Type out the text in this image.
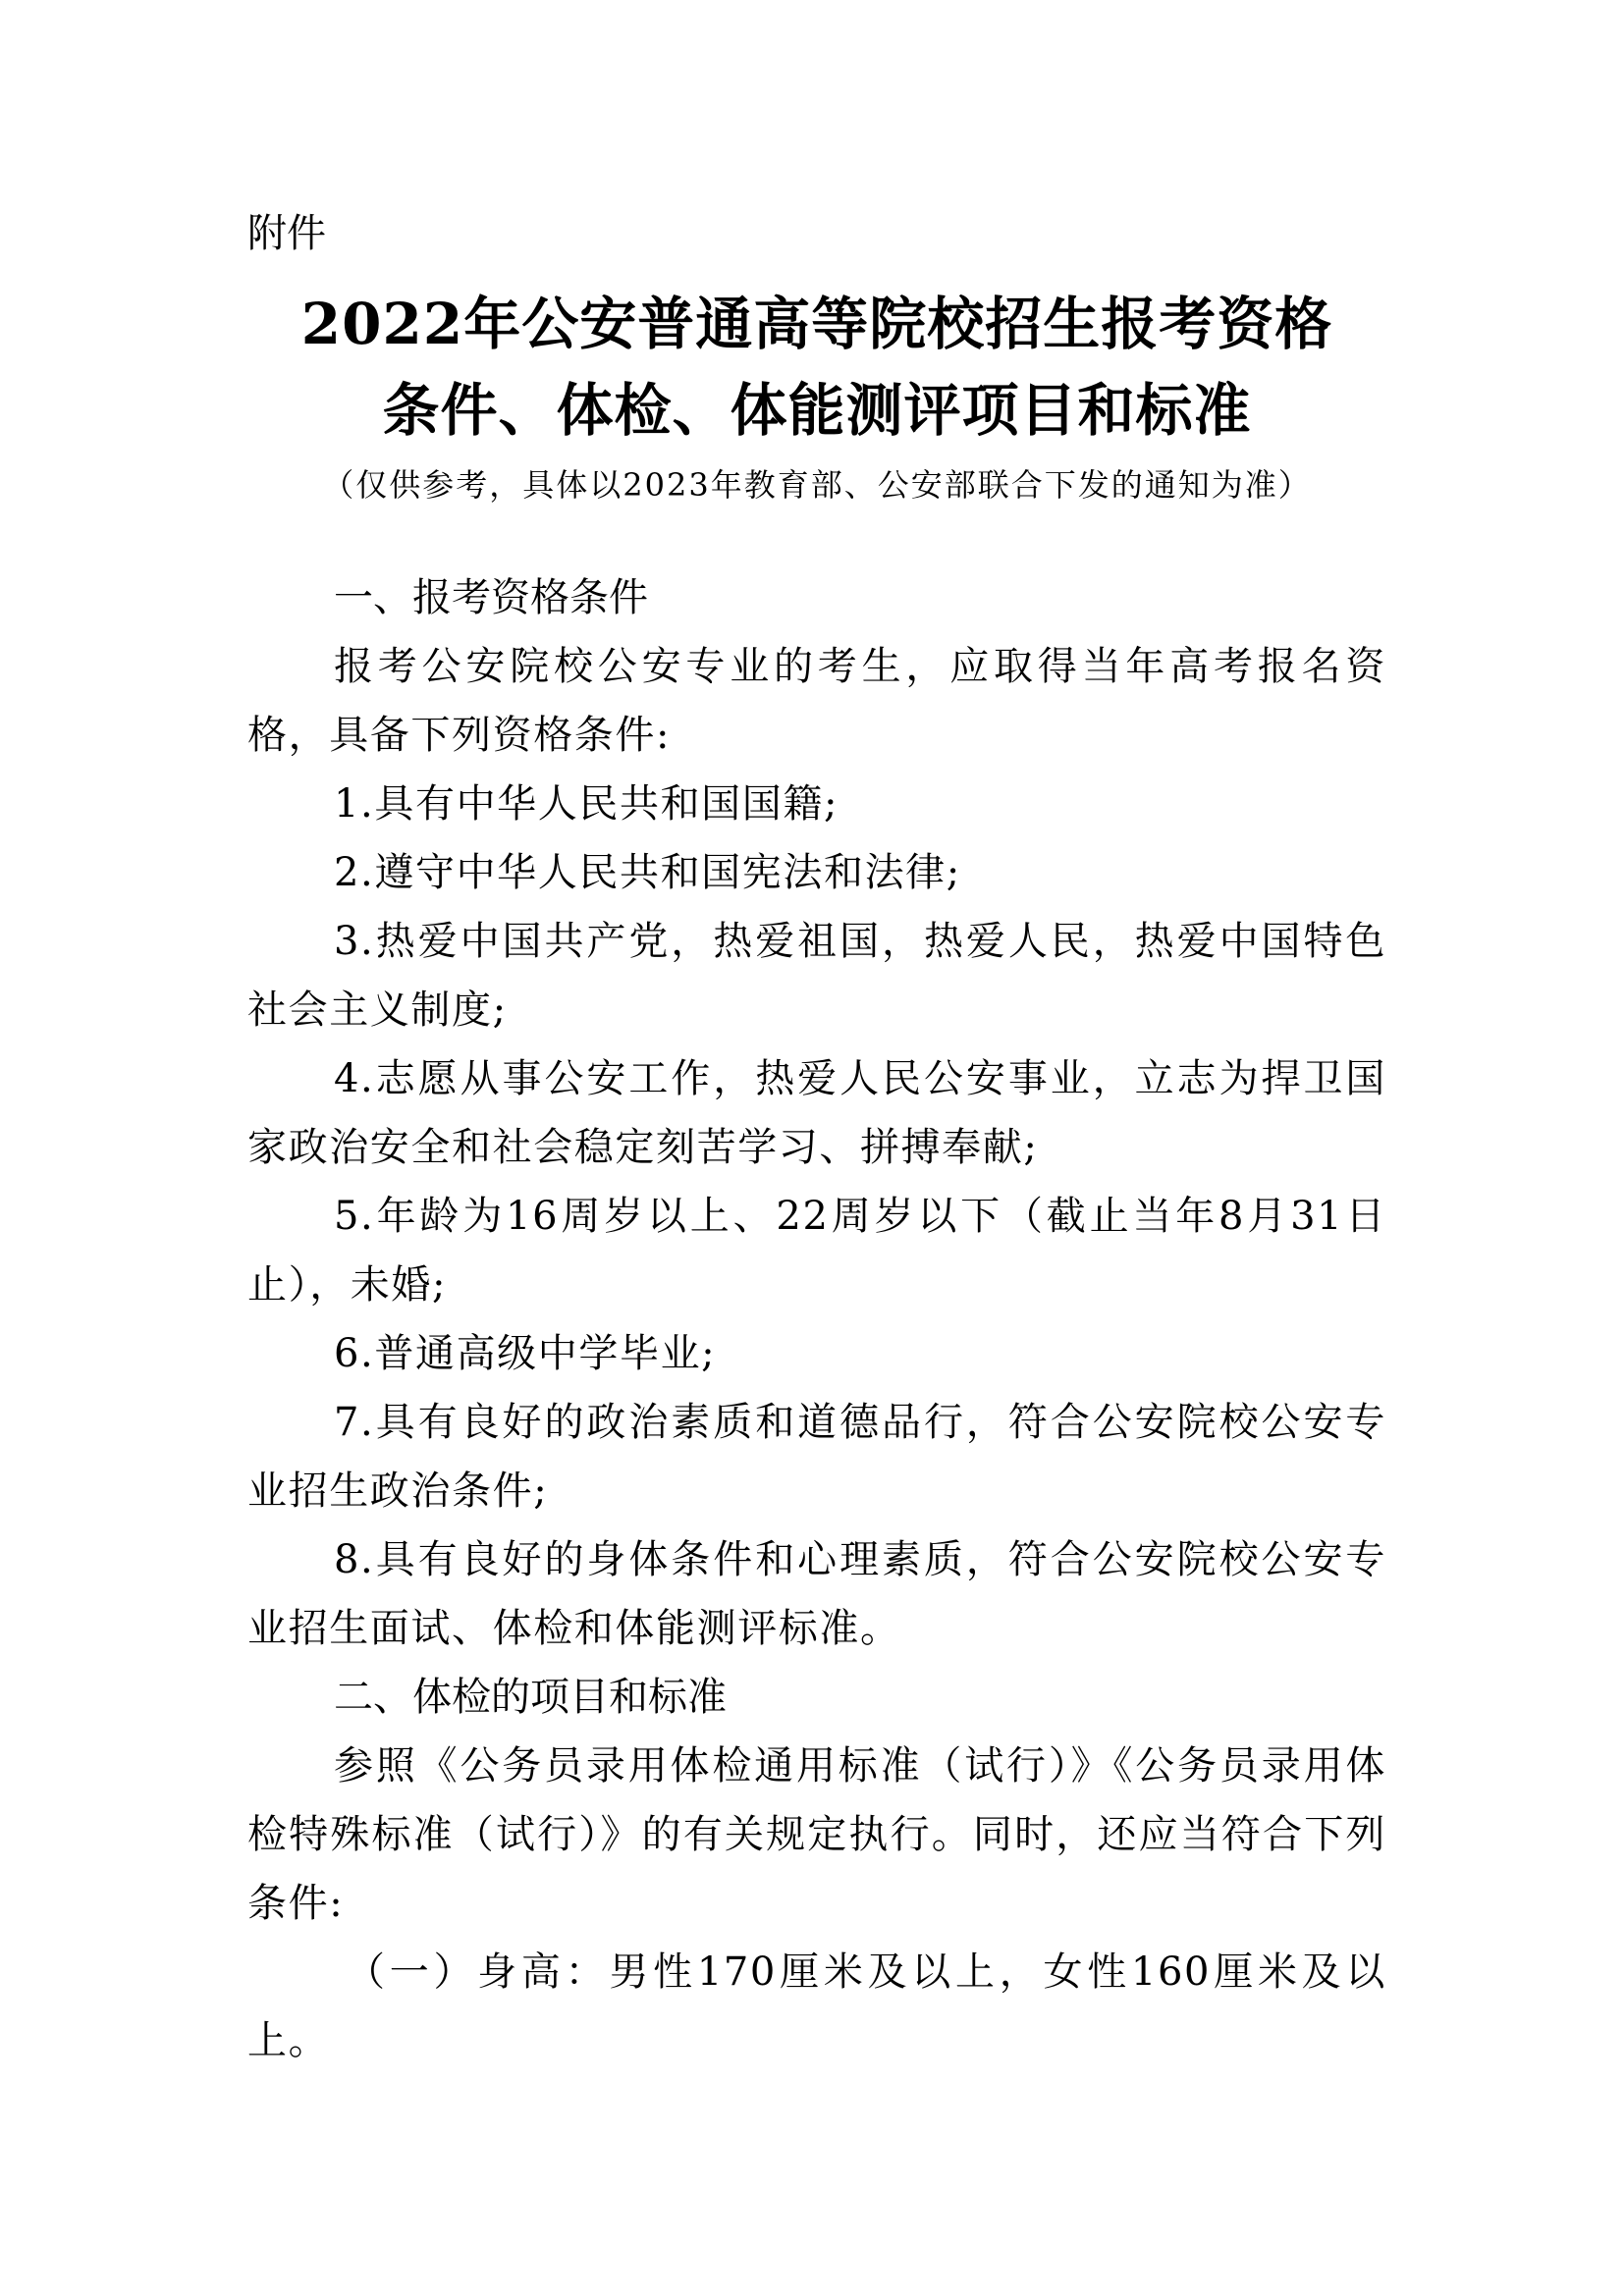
附件

2022年公安普通高等院校招生报考资格
条件、体检、体能测评项目和标准

（仅供参考，具体以2023年教育部、公安部联合下发的通知为准）

一、报考资格条件

报考公安院校公安专业的考生，应取得当年高考报名资格，具备下列资格条件:

1.具有中华人民共和国国籍;

2.遵守中华人民共和国宪法和法律;

3.热爱中国共产党，热爱祖国，热爱人民，热爱中国特色社会主义制度;

4.志愿从事公安工作，热爱人民公安事业，立志为捍卫国家政治安全和社会稳定刻苦学习、拼搏奉献;

5.年龄为16周岁以上、22周岁以下（截止当年8月31日止），未婚;

6.普通高级中学毕业;

7.具有良好的政治素质和道德品行，符合公安院校公安专业招生政治条件;

8.具有良好的身体条件和心理素质，符合公安院校公安专业招生面试、体检和体能测评标准。

二、体检的项目和标准

参照《公务员录用体检通用标准（试行）》《公务员录用体检特殊标准（试行）》的有关规定执行。同时，还应当符合下列条件:

（一）身高：男性170厘米及以上，女性160厘米及以上。
